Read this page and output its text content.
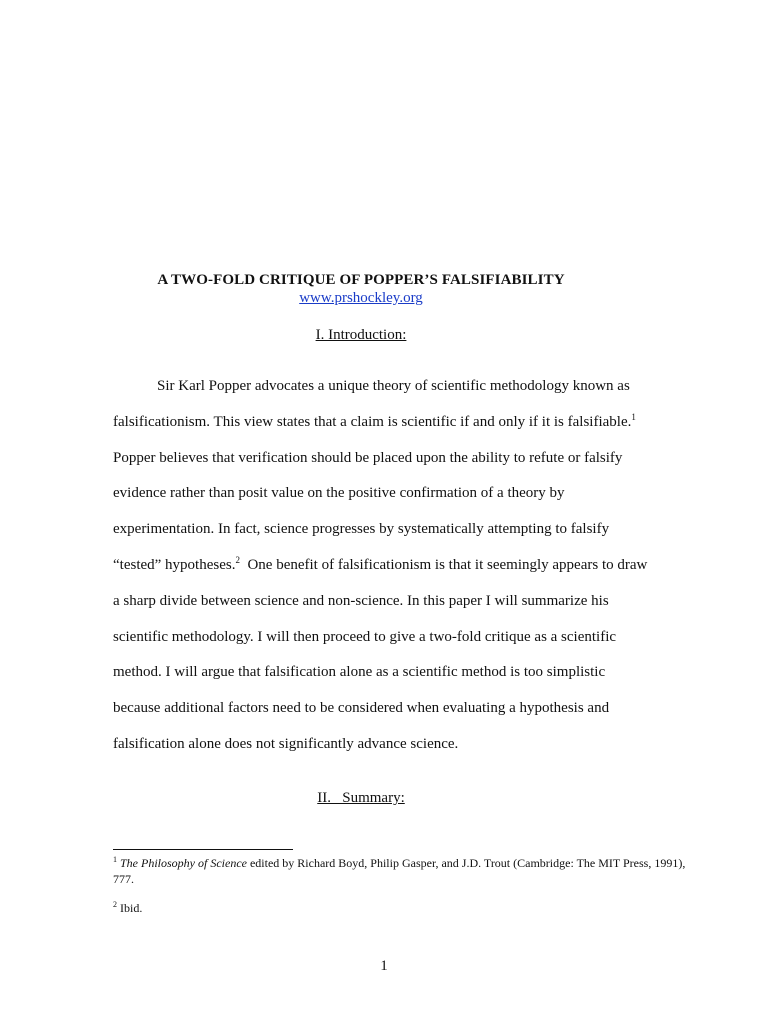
A TWO-FOLD CRITIQUE OF POPPER’S FALSIFIABILITY
www.prshockley.org
I. Introduction:
Sir Karl Popper advocates a unique theory of scientific methodology known as
falsificationism. This view states that a claim is scientific if and only if it is falsifiable.$^1$
Popper believes that verification should be placed upon the ability to refute or falsify
evidence rather than posit value on the positive confirmation of a theory by
experimentation. In fact, science progresses by systematically attempting to falsify
“tested” hypotheses.$^2$  One benefit of falsificationism is that it seemingly appears to draw
a sharp divide between science and non-science. In this paper I will summarize his
scientific methodology. I will then proceed to give a two-fold critique as a scientific
method. I will argue that falsification alone as a scientific method is too simplistic
because additional factors need to be considered when evaluating a hypothesis and
falsification alone does not significantly advance science.
II.   Summary:
$^1$ The Philosophy of Science edited by Richard Boyd, Philip Gasper, and J.D. Trout (Cambridge: The MIT Press, 1991), 777.
$^2$ Ibid.
1
